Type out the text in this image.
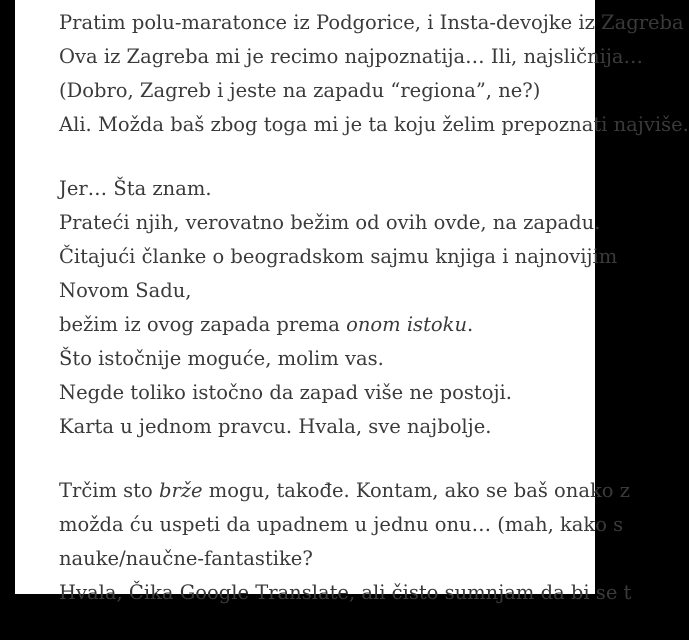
Pratim polu-maratonce iz Podgorice, i Insta-devojke iz Zagreba
Ova iz Zagreba mi je recimo najpoznatija… Ili, najsličnija…
(Dobro, Zagreb i jeste na zapadu “regiona”, ne?)
Ali. Možda baš zbog toga mi je ta koju želim prepoznati najviše.
Jer… Šta znam.
Prateći njih, verovatno bežim od ovih ovde, na zapadu.
Čitajući članke o beogradskom sajmu knjiga i najnovijim
Novom Sadu,
bežim iz ovog zapada prema onom istoku.
Što istočnije moguće, molim vas.
Negde toliko istočno da zapad više ne postoji.
Karta u jednom pravcu. Hvala, sve najbolje.
Trčim sto brže mogu, takođe. Kontam, ako se baš onako z
možda ću uspeti da upadnem u jednu onu… (mah, kako s
nauke/naučne-fantastike?
Hvala, Čika Google Translate, ali čisto sumnjam da bi se t
